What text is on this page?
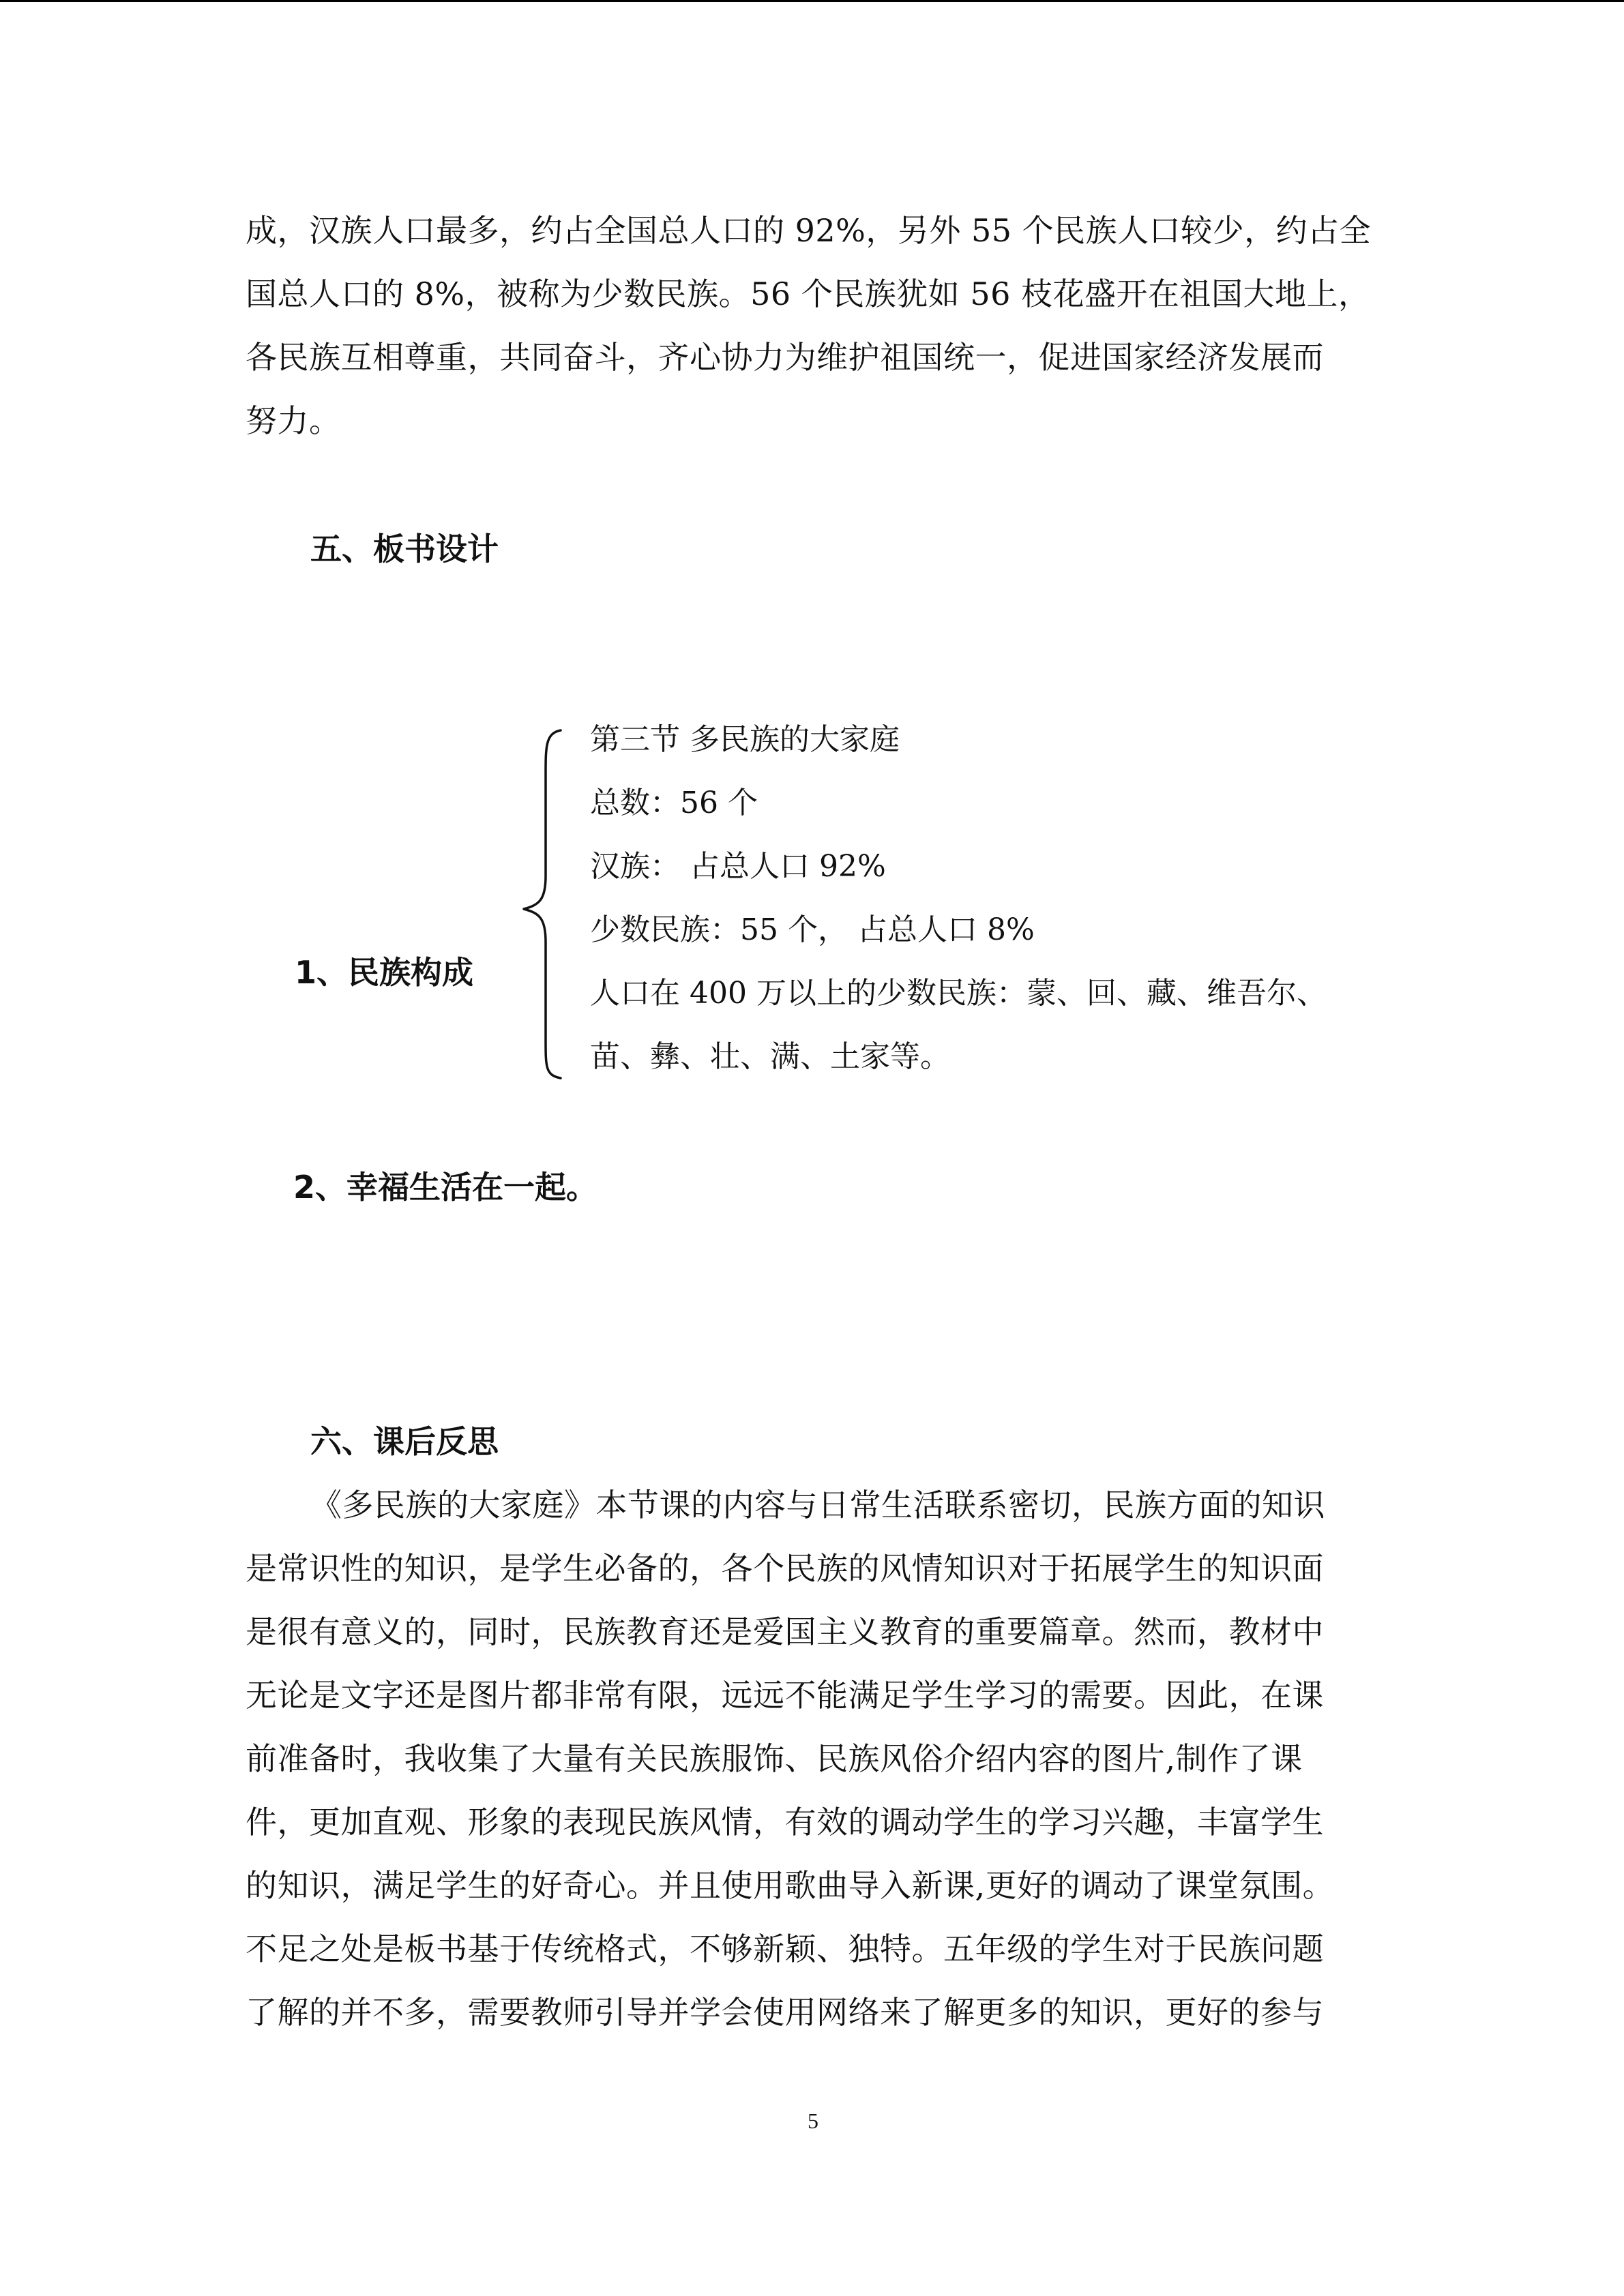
成，汉族人口最多，约占全国总人口的 92%，另外 55 个民族人口较少，约占全
国总人口的 8%，被称为少数民族。56 个民族犹如 56 枝花盛开在祖国大地上，
各民族互相尊重，共同奋斗，齐心协力为维护祖国统一，促进国家经济发展而
努力。
五、板书设计
1、民族构成
第三节 多民族的大家庭
总数：56 个
汉族： 占总人口 92%
少数民族：55 个， 占总人口 8%
人口在 400 万以上的少数民族：蒙、回、藏、维吾尔、
苗、彝、壮、满、土家等。
2、幸福生活在一起。
六、课后反思
《多民族的大家庭》本节课的内容与日常生活联系密切，民族方面的知识
是常识性的知识，是学生必备的，各个民族的风情知识对于拓展学生的知识面
是很有意义的，同时，民族教育还是爱国主义教育的重要篇章。然而，教材中
无论是文字还是图片都非常有限，远远不能满足学生学习的需要。因此，在课
前准备时，我收集了大量有关民族服饰、民族风俗介绍内容的图片,制作了课
件，更加直观、形象的表现民族风情，有效的调动学生的学习兴趣，丰富学生
的知识，满足学生的好奇心。并且使用歌曲导入新课,更好的调动了课堂氛围。
不足之处是板书基于传统格式，不够新颖、独特。五年级的学生对于民族问题
了解的并不多，需要教师引导并学会使用网络来了解更多的知识，更好的参与
5
